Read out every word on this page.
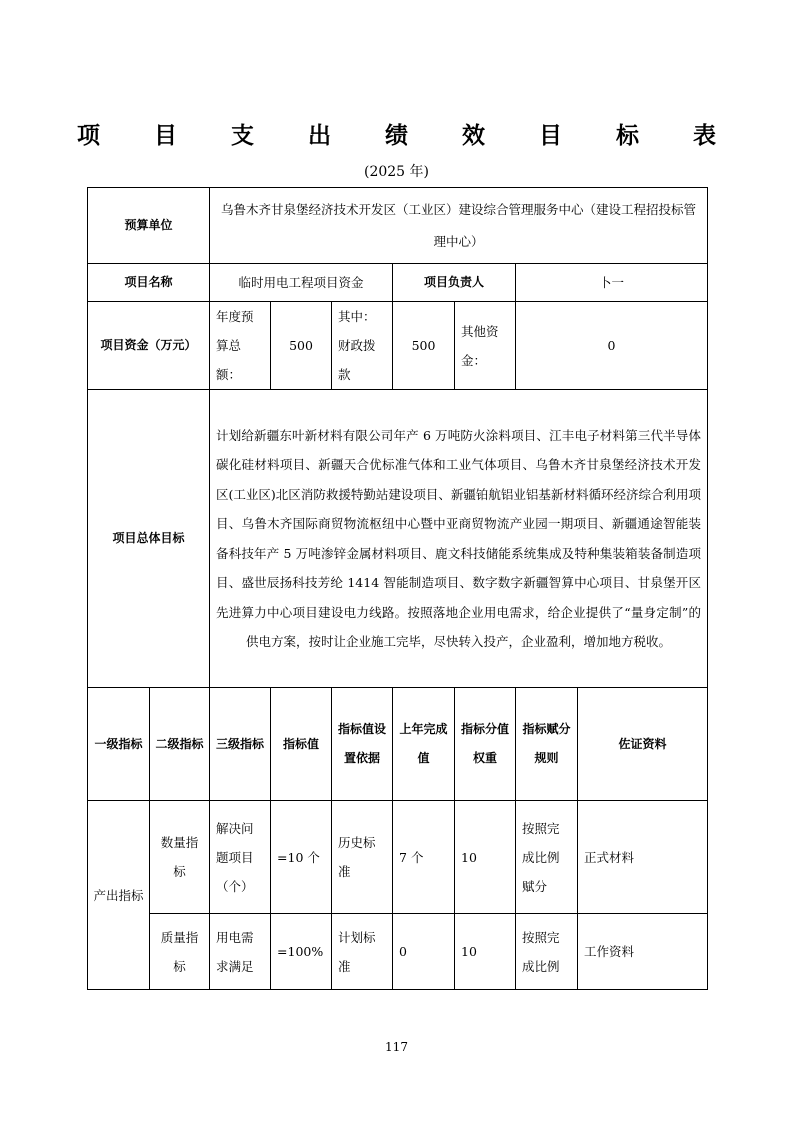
项 目 支 出 绩 效 目 标 表
(2025 年)
预算单位		乌鲁木齐甘泉堡经济技术开发区（工业区）建设综合管理服务中心（建设工程招投标管理中心）						
项目名称		临时用电工程项目资金			项目负责人		卜一	
项目资金（万元）		年度预算总额：	500	其中：财政拨款	500	其他资金：	0	
项目总体目标		计划给新疆东叶新材料有限公司年产 6 万吨防火涂料项目、江丰电子材料第三代半导体碳化硅材料项目、新疆天合优标准气体和工业气体项目、乌鲁木齐甘泉堡经济技术开发区(工业区)北区消防救援特勤站建设项目、新疆铂航铝业铝基新材料循环经济综合利用项目、乌鲁木齐国际商贸物流枢纽中心暨中亚商贸物流产业园一期项目、新疆通途智能装备科技年产 5 万吨渗锌金属材料项目、鹿文科技储能系统集成及特种集装箱装备制造项目、盛世辰扬科技芳纶 1414 智能制造项目、数字数字新疆智算中心项目、甘泉堡开区先进算力中心项目建设电力线路。按照落地企业用电需求，给企业提供了“量身定制”的供电方案，按时让企业施工完毕，尽快转入投产，企业盈利，增加地方税收。						
一级指标	二级指标	三级指标	指标值	指标值设置依据	上年完成值	指标分值权重	指标赋分规则	佐证资料
产出指标	数量指标	解决问题项目（个）	=10 个	历史标准	7 个	10	按照完成比例赋分	正式材料
	质量指标	用电需求满足	=100%	计划标准	0	10	按照完成比例	工作资料
117
